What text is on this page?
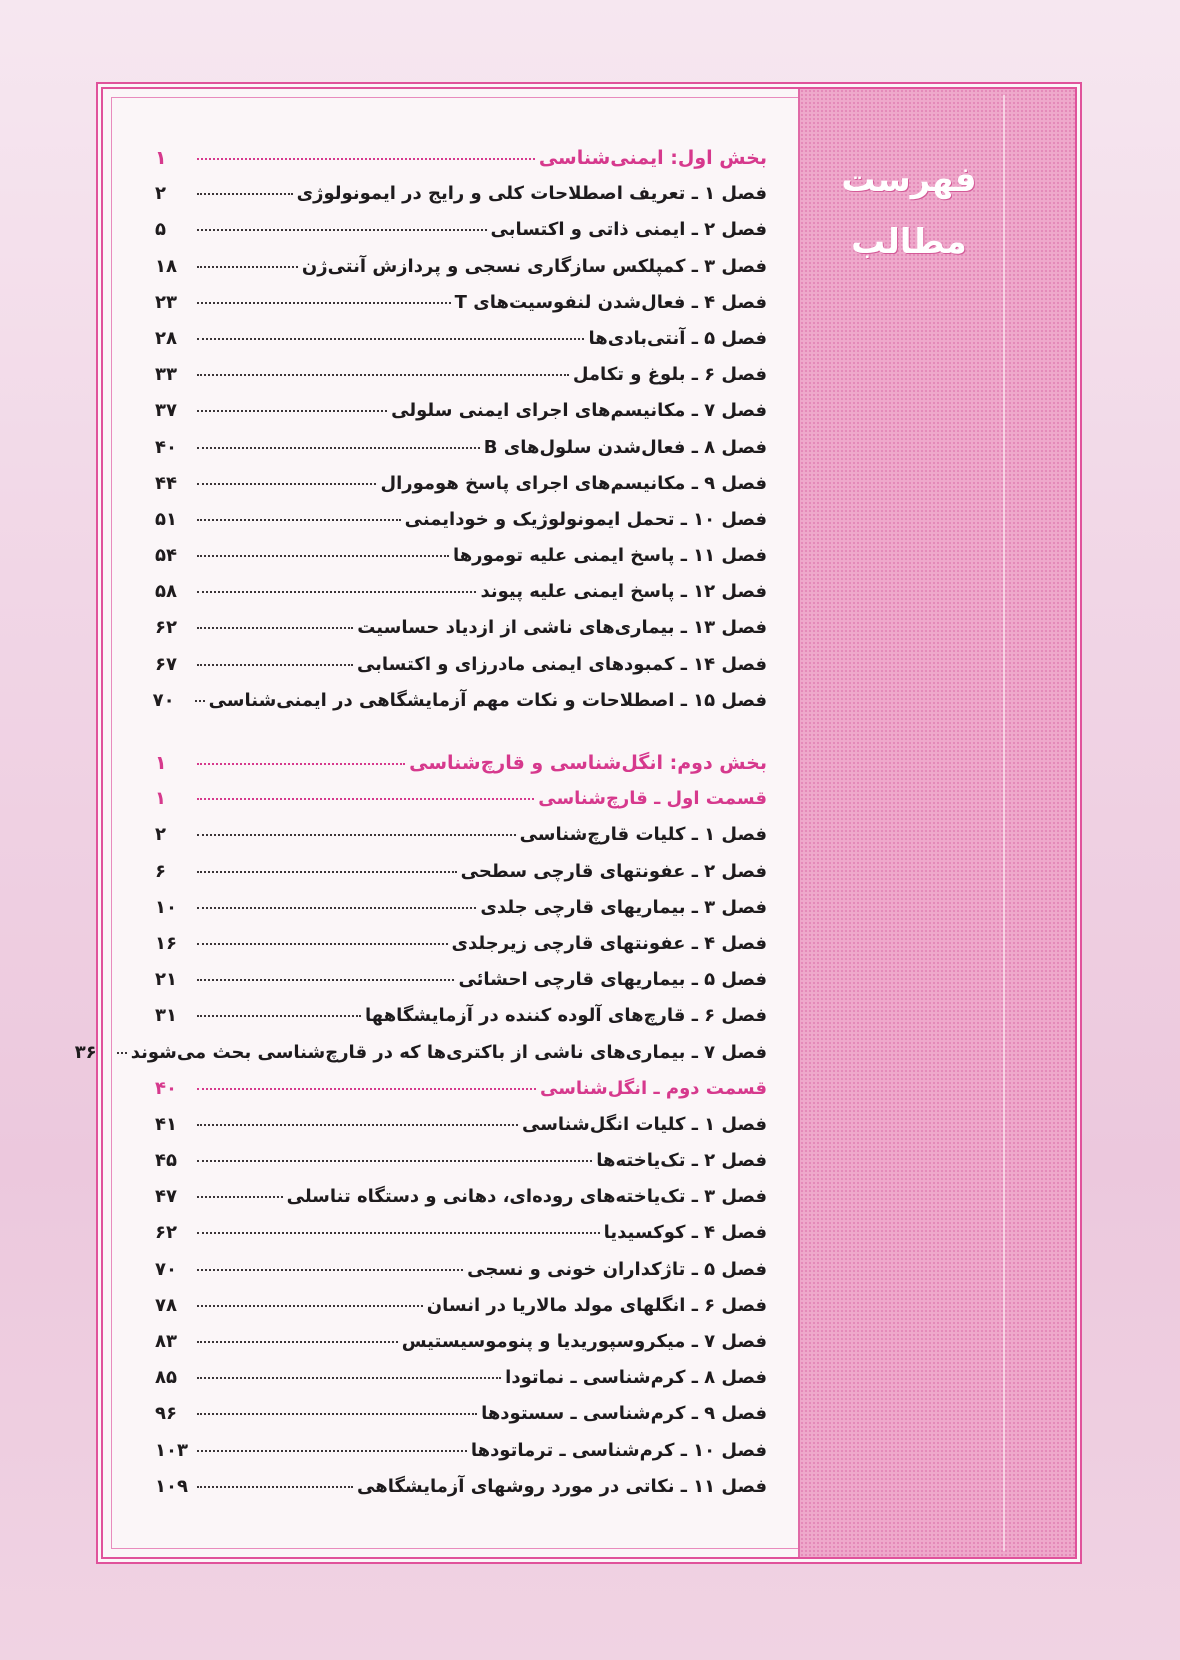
فهرست
مطالب
بخش اول: ایمنی‌شناسی
۱
فصل ۱ ـ تعریف اصطلاحات کلی و رایج در ایمونولوژی
۲
فصل ۲ ـ ایمنی ذاتی و اکتسابی
۵
فصل ۳ ـ کمپلکس سازگاری نسجی و پردازش آنتی‌ژن
۱۸
فصل ۴ ـ فعال‌شدن لنفوسیت‌های T
۲۳
فصل ۵ ـ آنتی‌بادی‌ها
۲۸
فصل ۶ ـ بلوغ و تکامل
۳۳
فصل ۷ ـ مکانیسم‌های اجرای ایمنی سلولی
۳۷
فصل ۸ ـ فعال‌شدن سلول‌های B
۴۰
فصل ۹ ـ مکانیسم‌های اجرای پاسخ هومورال
۴۴
فصل ۱۰ ـ تحمل ایمونولوژیک و خودایمنی
۵۱
فصل ۱۱ ـ پاسخ ایمنی علیه تومورها
۵۴
فصل ۱۲ ـ پاسخ ایمنی علیه پیوند
۵۸
فصل ۱۳ ـ بیماری‌های ناشی از ازدیاد حساسیت
۶۲
فصل ۱۴ ـ کمبودهای ایمنی مادرزای و اکتسابی
۶۷
فصل ۱۵ ـ اصطلاحات و نکات مهم آزمایشگاهی در ایمنی‌شناسی
۷۰
بخش دوم: انگل‌شناسی و قارچ‌شناسی
۱
قسمت اول ـ قارچ‌شناسی
۱
فصل ۱ ـ کلیات قارچ‌شناسی
۲
فصل ۲ ـ عفونتهای قارچی سطحی
۶
فصل ۳ ـ بیماریهای قارچی جلدی
۱۰
فصل ۴ ـ عفونتهای قارچی زیرجلدی
۱۶
فصل ۵ ـ بیماریهای قارچی احشائی
۲۱
فصل ۶ ـ قارچ‌های آلوده کننده در آزمایشگاهها
۳۱
فصل ۷ ـ بیماری‌های ناشی از باکتری‌ها که در قارچ‌شناسی بحث می‌شوند
۳۶
قسمت دوم ـ انگل‌شناسی
۴۰
فصل ۱ ـ کلیات انگل‌شناسی
۴۱
فصل ۲ ـ تک‌یاخته‌ها
۴۵
فصل ۳ ـ تک‌یاخته‌های روده‌ای، دهانی و دستگاه تناسلی
۴۷
فصل ۴ ـ کوکسیدیا
۶۲
فصل ۵ ـ تاژکداران خونی و نسجی
۷۰
فصل ۶ ـ انگلهای مولد مالاریا در انسان
۷۸
فصل ۷ ـ میکروسپوریدیا و پنوموسیستیس
۸۳
فصل ۸ ـ کرم‌شناسی ـ نماتودا
۸۵
فصل ۹ ـ کرم‌شناسی ـ سستودها
۹۶
فصل ۱۰ ـ کرم‌شناسی ـ ترماتودها
۱۰۳
فصل ۱۱ ـ نکاتی در مورد روشهای آزمایشگاهی
۱۰۹
